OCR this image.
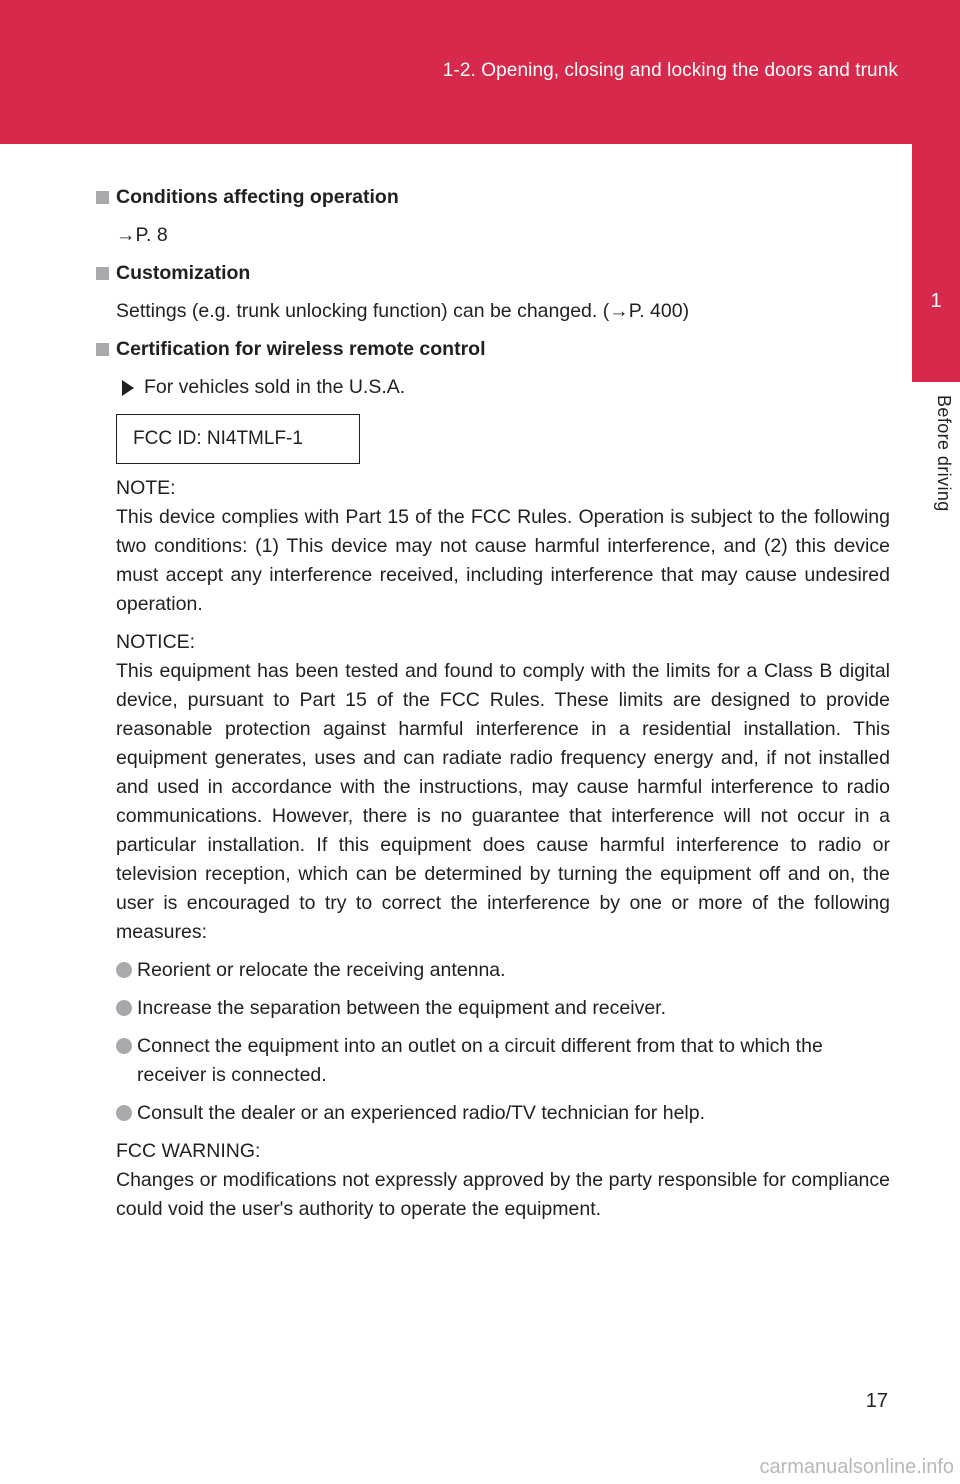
1-2. Opening, closing and locking the doors and trunk
1
Before driving

Conditions affecting operation

→P. 8

Customization

Settings (e.g. trunk unlocking function) can be changed. (→P. 400)

Certification for wireless remote control

For vehicles sold in the U.S.A.

FCC ID: NI4TMLF-1

NOTE:

This device complies with Part 15 of the FCC Rules. Operation is subject to the following two conditions: (1) This device may not cause harmful interference, and (2) this device must accept any interference received, including interference that may cause undesired operation.

NOTICE:

This equipment has been tested and found to comply with the limits for a Class B digital device, pursuant to Part 15 of the FCC Rules. These limits are designed to provide reasonable protection against harmful interference in a residential installation. This equipment generates, uses and can radiate radio frequency energy and, if not installed and used in accordance with the instructions, may cause harmful interference to radio communications. However, there is no guarantee that interference will not occur in a particular installation. If this equipment does cause harmful interference to radio or television reception, which can be determined by turning the equipment off and on, the user is encouraged to try to correct the interference by one or more of the following measures:

Reorient or relocate the receiving antenna.
Increase the separation between the equipment and receiver.
Connect the equipment into an outlet on a circuit different from that to which the receiver is connected.
Consult the dealer or an experienced radio/TV technician for help.

FCC WARNING:

Changes or modifications not expressly approved by the party responsible for compliance could void the user's authority to operate the equipment.

17
carmanualsonline.info
